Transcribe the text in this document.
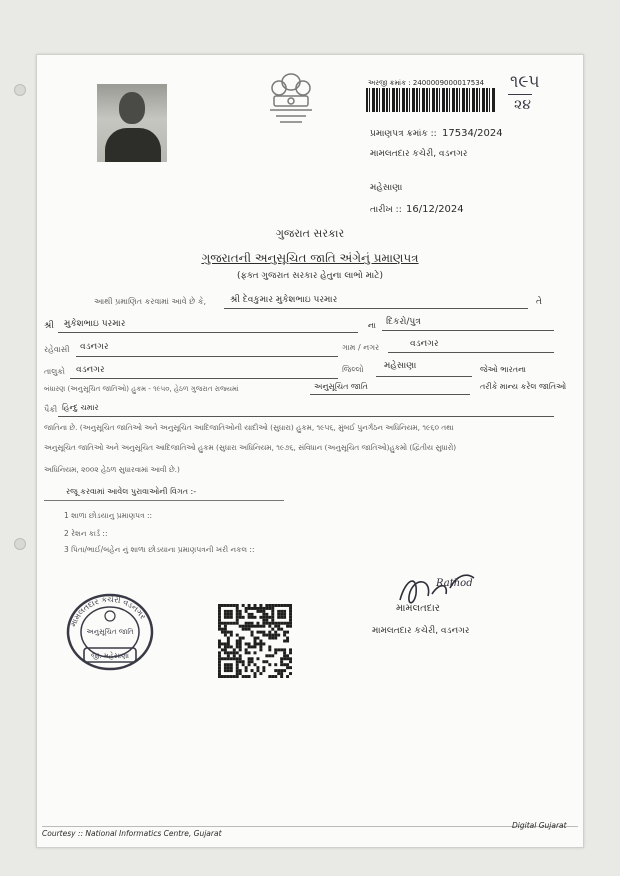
અરજી ક્રમાંક : 2400009000017534 ૧૯૫
૨૪
પ્રમાણપત્ર ક્રમાંક :: 17534/2024
મામલતદાર કચેરી, વડનગર
મહેસાણા
તારીખ :: 16/12/2024
ગુજરાત સરકાર
ગુજરાતની અનુસૂચિત જાતિ અંગેનું પ્રમાણપત્ર
(ફક્ત ગુજરાત સરકાર હેતુના લાભો માટે)
આથી પ્રમાણિત કરવામાં આવે છે કે,	શ્રી દેવકુમાર મુકેશભાઇ પરમાર	તે
શ્રી મુકેશભાઇ પરમાર	ના દિકરો/પુત્ર
રહેવાસી વડનગર	ગામ / નગર	વડનગર
તાલુકો વડનગર	જિલ્લો મહેસાણા	જેઓ ભારતના
બંધારણ (અનુસૂચિત જાતિઓ) હુકમ - ૧૯૫૦, હેઠળ ગુજરાત રાજ્યમાં	અનુસૂચિત જાતિ	તરીકે માન્ય કરેલ જાતિઓ
પૈકી હિન્દુ ચમાર
જાતિના છે. (અનુસૂચિત જાતિઓ અને અનુસૂચિત આદિજાતિઓની યાદીઓ (સુધારા) હુકમ, ૧૯૫૬, મુંબઈ પુનર્ગઠન અધિનિયમ, ૧૯૬૦ તથા
અનુસૂચિત જાતિઓ અને અનુસૂચિત આદિજાતિઓ હુકમ (સુધારા અધિનિયમ, ૧૯૭૬, સંવિધાન (અનુસૂચિત જાતિઓ)હુકમો (દ્વિતીય સુધારો)
અધિનિયમ, ૨૦૦૨ હેઠળ સુધારવામાં આવી છે.)
રજૂ કરવામાં આવેલ પુરાવાઓની વિગત :-
1 શાળા છોડયાનુ પ્રમાણપત્ર ::
2 રેશન કાર્ડ ::
3 પિતા/ભાઈ/બહેન નું શાળા છોડયાના પ્રમાણપત્રની ખરી નકલ ::
મામલતદાર કચેરી વડનગર
અનુસૂચિત જાતિ
જી. મહેસાણા
Rathod
મામલતદાર
મામલતદાર કચેરી, વડનગર
Courtesy :: National Informatics Centre, Gujarat
Digital Gujarat
